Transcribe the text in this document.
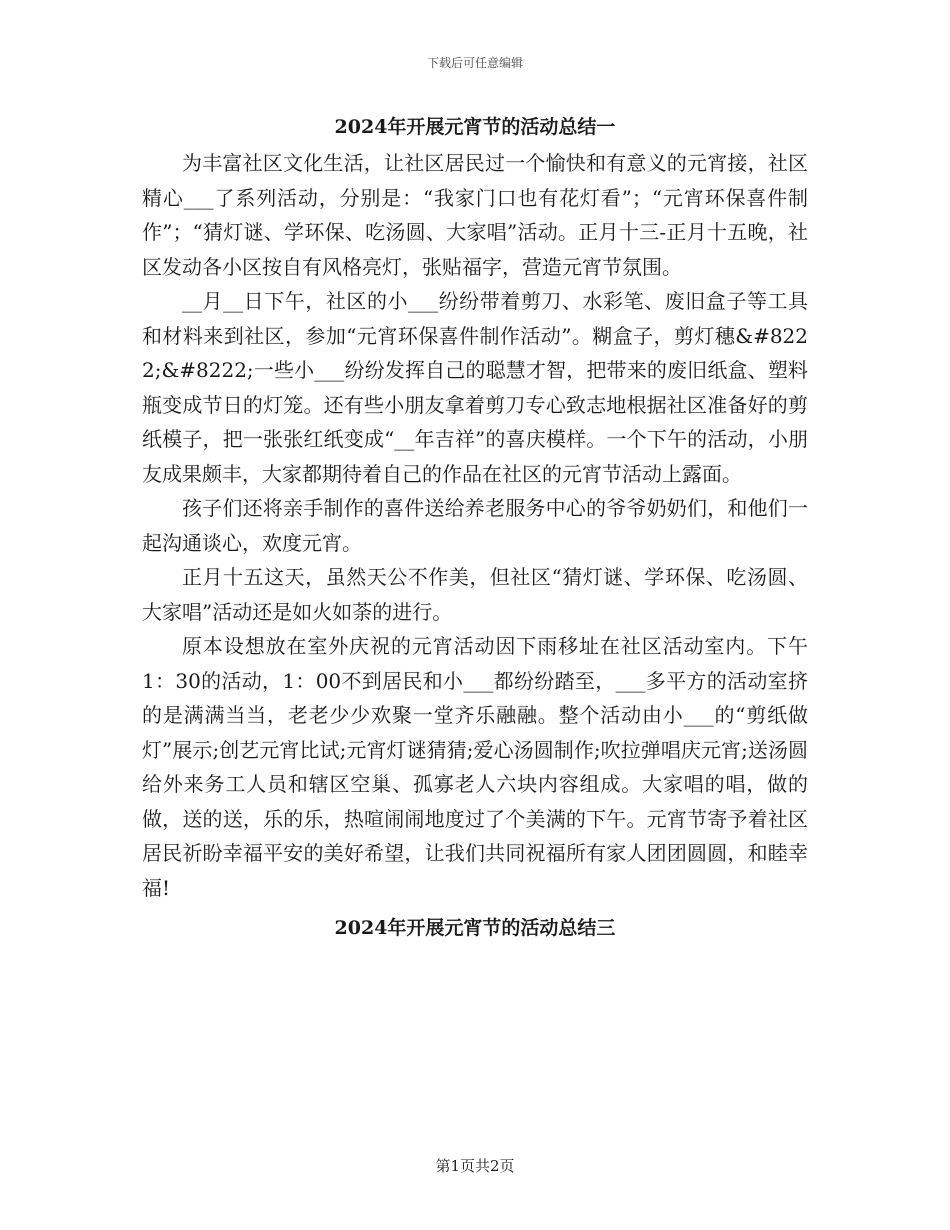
下载后可任意编辑
2024年开展元宵节的活动总结一

为丰富社区文化生活，让社区居民过一个愉快和有意义的元宵接，社区精心___了系列活动，分别是：“我家门口也有花灯看”；“元宵环保喜件制作”；“猜灯谜、学环保、吃汤圆、大家唱”活动。正月十三-正月十五晚，社区发动各小区按自有风格亮灯，张贴福字，营造元宵节氛围。

__月__日下午，社区的小___纷纷带着剪刀、水彩笔、废旧盒子等工具和材料来到社区，参加“元宵环保喜件制作活动”。糊盒子，剪灯穗&#8222;&#8222;一些小___纷纷发挥自己的聪慧才智，把带来的废旧纸盒、塑料瓶变成节日的灯笼。还有些小朋友拿着剪刀专心致志地根据社区准备好的剪纸模子，把一张张红纸变成“__年吉祥”的喜庆模样。一个下午的活动，小朋友成果颇丰，大家都期待着自己的作品在社区的元宵节活动上露面。

孩子们还将亲手制作的喜件送给养老服务中心的爷爷奶奶们，和他们一起沟通谈心，欢度元宵。

正月十五这天，虽然天公不作美，但社区“猜灯谜、学环保、吃汤圆、大家唱”活动还是如火如荼的进行。

原本设想放在室外庆祝的元宵活动因下雨移址在社区活动室内。下午1：30的活动，1：00不到居民和小___都纷纷踏至，___多平方的活动室挤的是满满当当，老老少少欢聚一堂齐乐融融。整个活动由小___的“剪纸做灯”展示;创艺元宵比试;元宵灯谜猜猜;爱心汤圆制作;吹拉弹唱庆元宵;送汤圆给外来务工人员和辖区空巢、孤寡老人六块内容组成。大家唱的唱，做的做，送的送，乐的乐，热喧闹闹地度过了个美满的下午。元宵节寄予着社区居民祈盼幸福平安的美好希望，让我们共同祝福所有家人团团圆圆，和睦幸福!

2024年开展元宵节的活动总结三
第1页共2页
